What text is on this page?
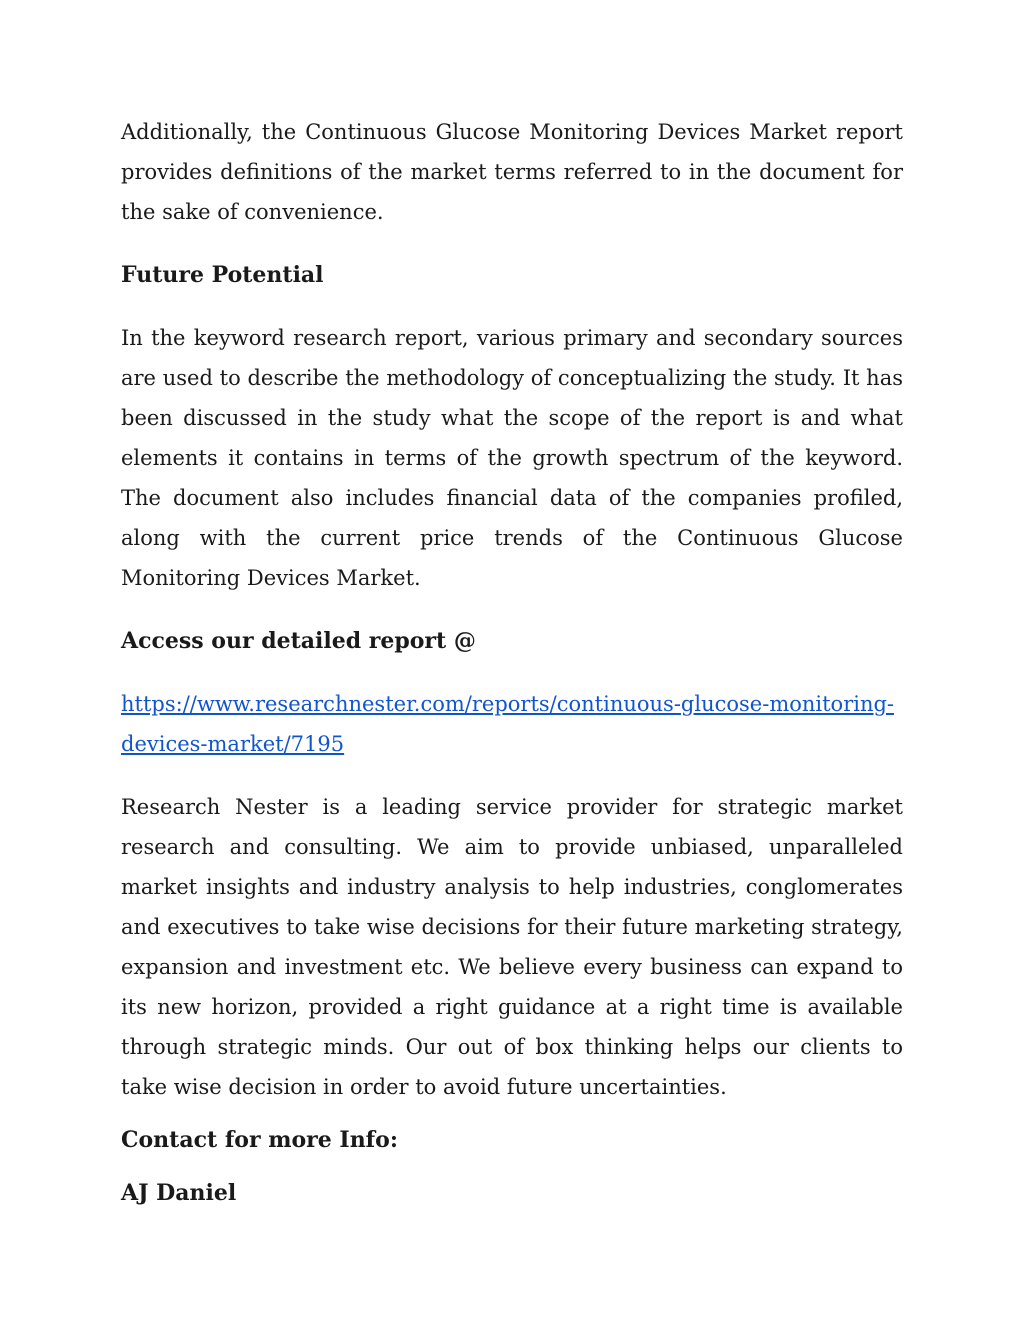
Additionally, the Continuous Glucose Monitoring Devices Market report provides definitions of the market terms referred to in the document for the sake of convenience.

Future Potential

In the keyword research report, various primary and secondary sources are used to describe the methodology of conceptualizing the study. It has been discussed in the study what the scope of the report is and what elements it contains in terms of the growth spectrum of the keyword. The document also includes financial data of the companies profiled, along with the current price trends of the Continuous Glucose Monitoring Devices Market.

Access our detailed report @
https://www.researchnester.com/reports/continuous-glucose-monitoring-devices-market/7195

Research Nester is a leading service provider for strategic market research and consulting. We aim to provide unbiased, unparalleled market insights and industry analysis to help industries, conglomerates and executives to take wise decisions for their future marketing strategy, expansion and investment etc. We believe every business can expand to its new horizon, provided a right guidance at a right time is available through strategic minds. Our out of box thinking helps our clients to take wise decision in order to avoid future uncertainties.

Contact for more Info:
AJ Daniel
